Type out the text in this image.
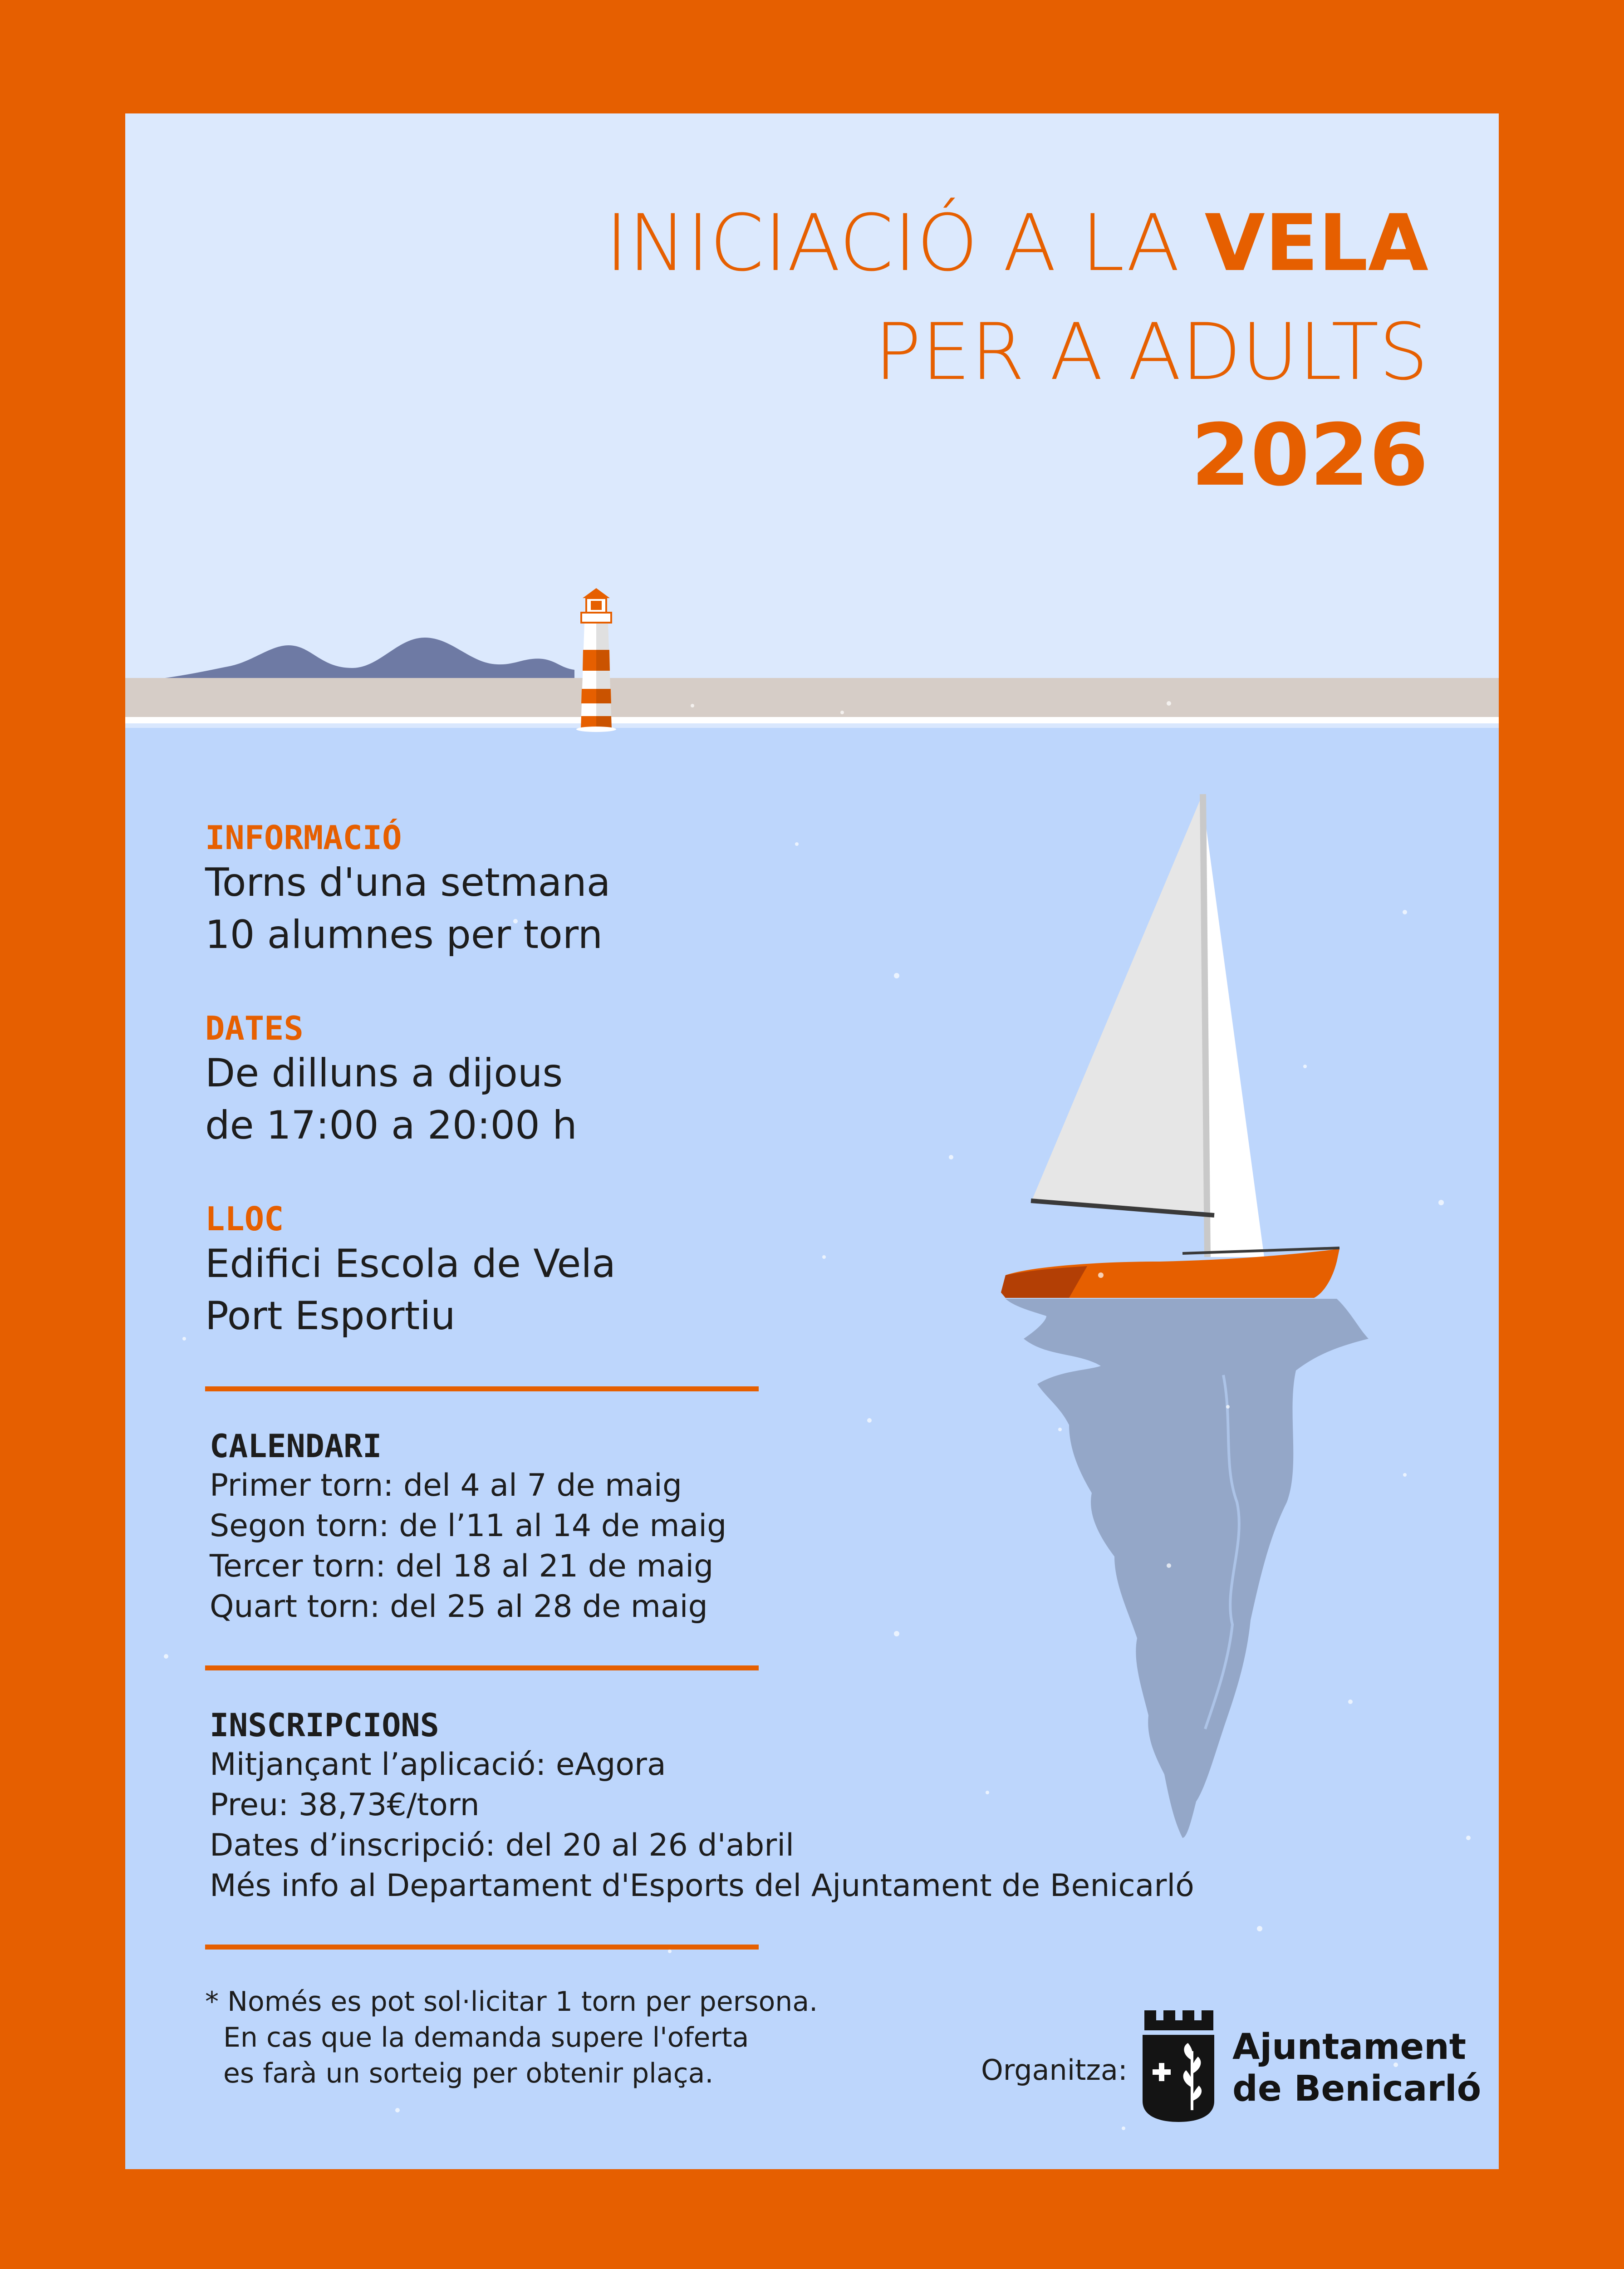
INICIACIÓ A LA VELA
PER A ADULTS
2026
INFORMACIÓ
Torns d'una setmana
10 alumnes per torn
DATES
De dilluns a dijous
de 17:00 a 20:00 h
LLOC
Edifici Escola de Vela
Port Esportiu
CALENDARI
Primer torn: del 4 al 7 de maig
Segon torn: de l’11 al 14 de maig
Tercer torn: del 18 al 21 de maig
Quart torn: del 25 al 28 de maig
INSCRIPCIONS
Mitjançant l’aplicació: eAgora
Preu: 38,73€/torn
Dates d’inscripció: del 20 al 26 d'abril
Més info al Departament d'Esports del Ajuntament de Benicarló
* Només es pot sol·licitar 1 torn per persona.
En cas que la demanda supere l'oferta
es farà un sorteig per obtenir plaça.	Organitza:
Ajuntament
de Benicarló
